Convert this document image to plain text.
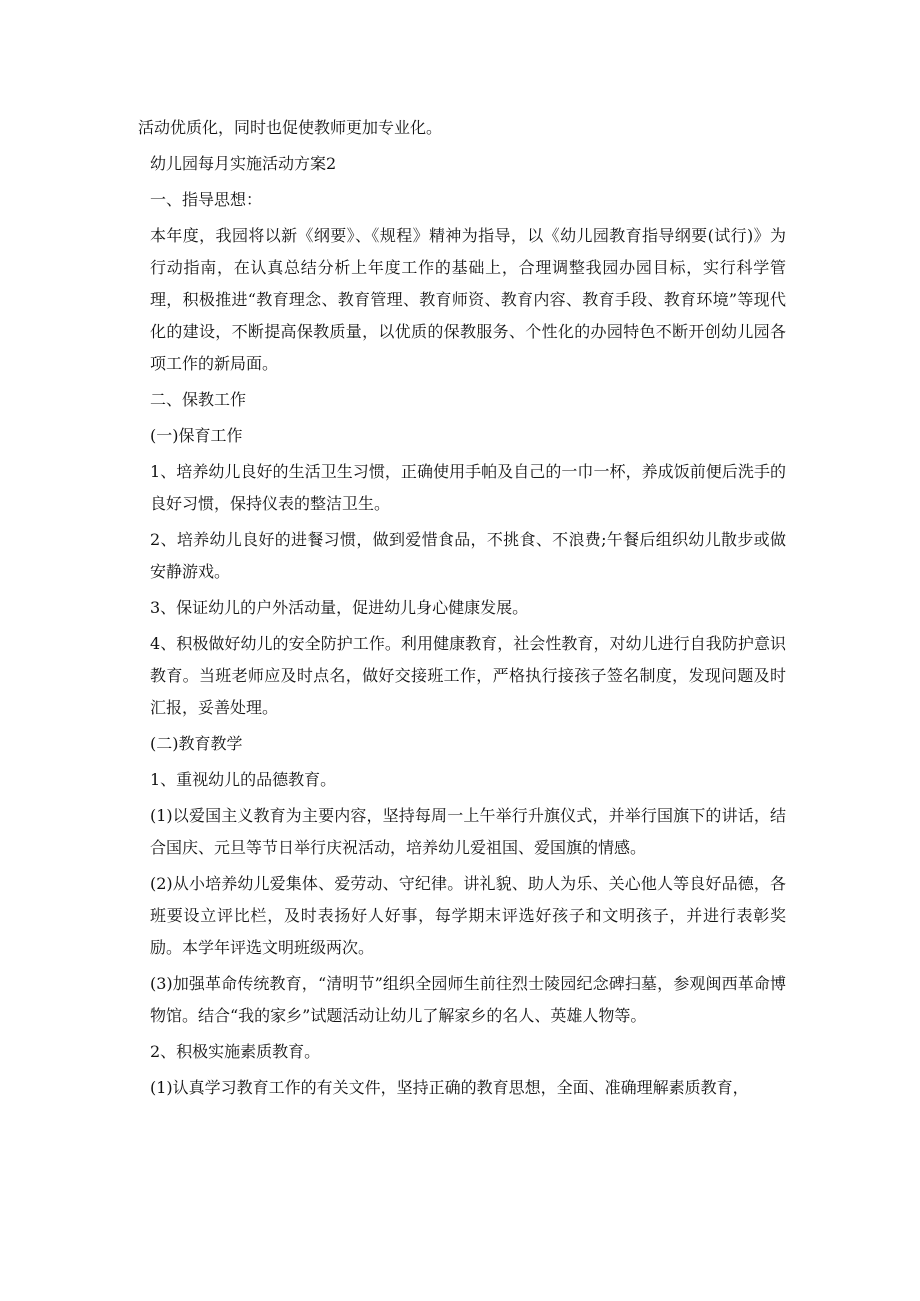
活动优质化，同时也促使教师更加专业化。

幼儿园每月实施活动方案2

一、指导思想：

本年度，我园将以新《纲要》、《规程》精神为指导，以《幼儿园教育指导纲要(试行)》为行动指南，在认真总结分析上年度工作的基础上，合理调整我园办园目标，实行科学管理，积极推进“教育理念、教育管理、教育师资、教育内容、教育手段、教育环境”等现代化的建设，不断提高保教质量，以优质的保教服务、个性化的办园特色不断开创幼儿园各项工作的新局面。

二、保教工作

(一)保育工作

1、培养幼儿良好的生活卫生习惯，正确使用手帕及自己的一巾一杯，养成饭前便后洗手的良好习惯，保持仪表的整洁卫生。

2、培养幼儿良好的进餐习惯，做到爱惜食品，不挑食、不浪费;午餐后组织幼儿散步或做安静游戏。

3、保证幼儿的户外活动量，促进幼儿身心健康发展。

4、积极做好幼儿的安全防护工作。利用健康教育，社会性教育，对幼儿进行自我防护意识教育。当班老师应及时点名，做好交接班工作，严格执行接孩子签名制度，发现问题及时汇报，妥善处理。

(二)教育教学

1、重视幼儿的品德教育。

(1)以爱国主义教育为主要内容，坚持每周一上午举行升旗仪式，并举行国旗下的讲话，结合国庆、元旦等节日举行庆祝活动，培养幼儿爱祖国、爱国旗的情感。

(2)从小培养幼儿爱集体、爱劳动、守纪律。讲礼貌、助人为乐、关心他人等良好品德，各班要设立评比栏，及时表扬好人好事，每学期末评选好孩子和文明孩子，并进行表彰奖励。本学年评选文明班级两次。

(3)加强革命传统教育，“清明节”组织全园师生前往烈士陵园纪念碑扫墓，参观闽西革命博物馆。结合“我的家乡”试题活动让幼儿了解家乡的名人、英雄人物等。

2、积极实施素质教育。

(1)认真学习教育工作的有关文件，坚持正确的教育思想，全面、准确理解素质教育，
